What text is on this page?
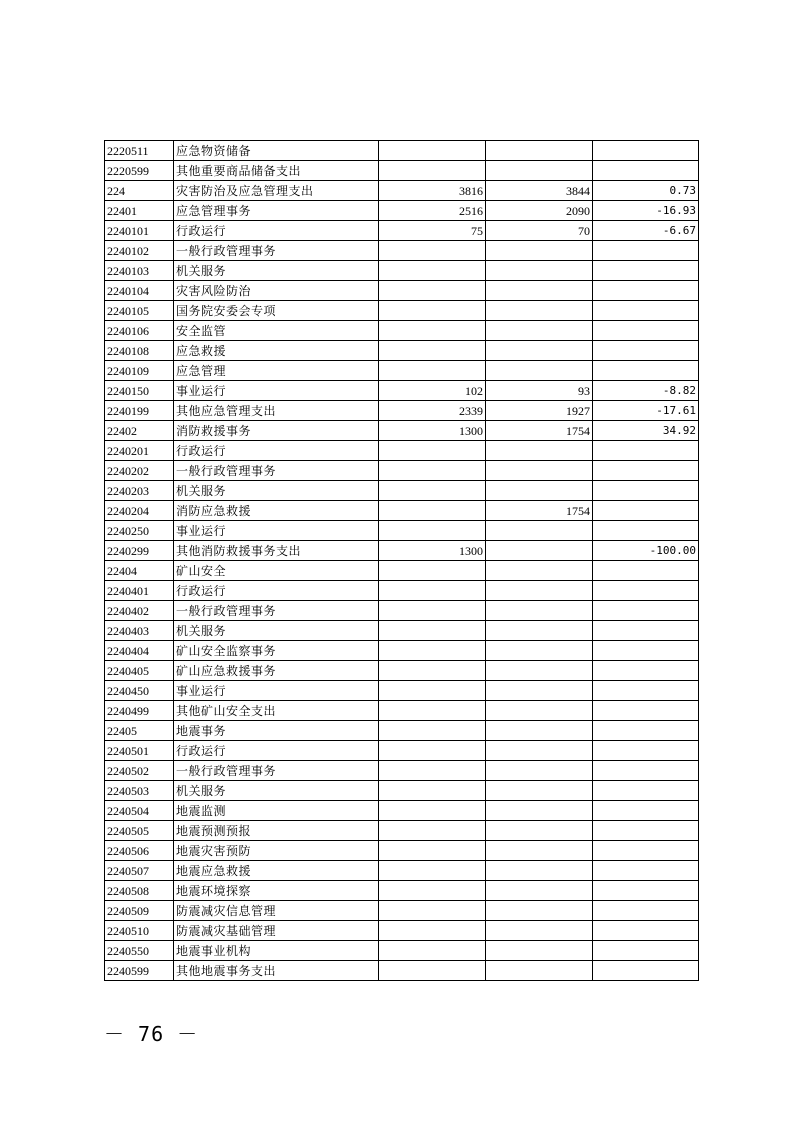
2220511	应急物资储备			
2220599	其他重要商品储备支出			
224	灾害防治及应急管理支出	3816	3844	0.73
22401	应急管理事务	2516	2090	-16.93
2240101	行政运行	75	70	-6.67
2240102	一般行政管理事务			
2240103	机关服务			
2240104	灾害风险防治			
2240105	国务院安委会专项			
2240106	安全监管			
2240108	应急救援			
2240109	应急管理			
2240150	事业运行	102	93	-8.82
2240199	其他应急管理支出	2339	1927	-17.61
22402	消防救援事务	1300	1754	34.92
2240201	行政运行			
2240202	一般行政管理事务			
2240203	机关服务			
2240204	消防应急救援		1754	
2240250	事业运行			
2240299	其他消防救援事务支出	1300		-100.00
22404	矿山安全			
2240401	行政运行			
2240402	一般行政管理事务			
2240403	机关服务			
2240404	矿山安全监察事务			
2240405	矿山应急救援事务			
2240450	事业运行			
2240499	其他矿山安全支出			
22405	地震事务			
2240501	行政运行			
2240502	一般行政管理事务			
2240503	机关服务			
2240504	地震监测			
2240505	地震预测预报			
2240506	地震灾害预防			
2240507	地震应急救援			
2240508	地震环境探察			
2240509	防震减灾信息管理			
2240510	防震减灾基础管理			
2240550	地震事业机构			
2240599	其他地震事务支出			
－ 76 －
